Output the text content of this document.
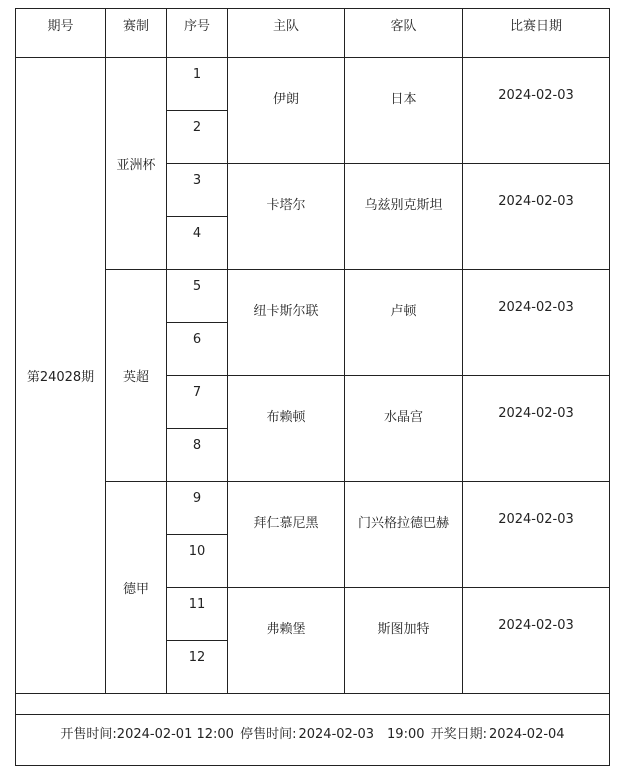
期号	赛制	序号	主队	客队	比赛日期
第24028期	亚洲杯	1	伊朗	日本	2024-02-03
		2			
		3	卡塔尔	乌兹别克斯坦	2024-02-03
		4			
	英超	5	纽卡斯尔联	卢顿	2024-02-03
		6			
		7	布赖顿	水晶宫	2024-02-03
		8			
	德甲	9	拜仁慕尼黑	门兴格拉德巴赫	2024-02-03
		10			
		11	弗赖堡	斯图加特	2024-02-03
		12			

开售时间:2024-02-01 12:00 停售时间: 2024-02-03　19:00 开奖日期: 2024-02-04					
